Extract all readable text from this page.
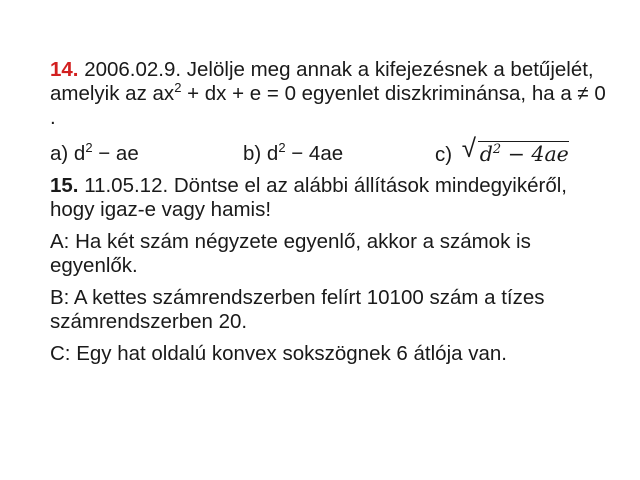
14. 2006.02.9. Jelölje meg annak a kifejezésnek a betűjelét, amelyik az $ax^2$ + dx + e = 0 egyenlet diszkriminánsa, ha a ≠ 0 .

a) $d^2$ − ae	b) $d^2 - 4ae$	c) √ $d^2 - 4ae$

15. 11.05.12. Döntse el az alábbi állítások mindegyikéről, hogy igaz-e vagy hamis!

A: Ha két szám négyzete egyenlő, akkor a számok is egyenlők.

B: A kettes számrendszerben felírt 10100 szám a tízes számrendszerben 20.

C: Egy hat oldalú konvex sokszögnek 6 átlója van.
